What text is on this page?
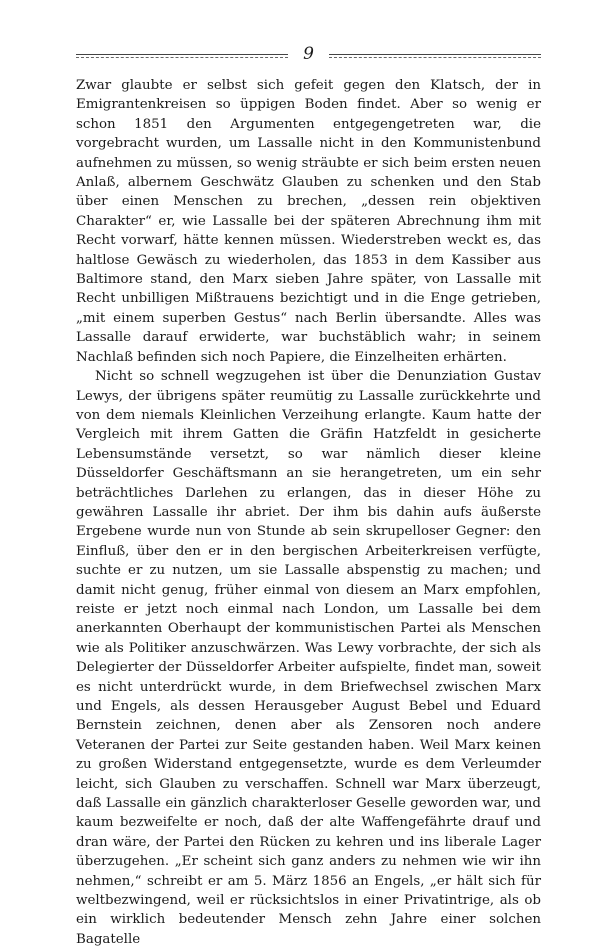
9

Zwar glaubte er selbst sich gefeit gegen den Klatsch, der in Emigrantenkreisen so üppigen Boden findet. Aber so wenig er schon 1851 den Argumenten entgegengetreten war, die vorgebracht wurden, um Lassalle nicht in den Kommunistenbund aufnehmen zu müssen, so wenig sträubte er sich beim ersten neuen Anlaß, albernem Geschwätz Glauben zu schenken und den Stab über einen Menschen zu brechen, „dessen rein objektiven Charakter“ er, wie Lassalle bei der späteren Abrechnung ihm mit Recht vorwarf, hätte kennen müssen. Wiederstreben weckt es, das haltlose Gewäsch zu wiederholen, das 1853 in dem Kassiber aus Baltimore stand, den Marx sieben Jahre später, von Lassalle mit Recht unbilligen Mißtrauens bezichtigt und in die Enge getrieben, „mit einem superben Gestus“ nach Berlin übersandte. Alles was Lassalle darauf erwiderte, war buchstäblich wahr; in seinem Nachlaß befinden sich noch Papiere, die Einzelheiten erhärten.

Nicht so schnell wegzugehen ist über die Denunziation Gustav Lewys, der übrigens später reumütig zu Lassalle zurückkehrte und von dem niemals Kleinlichen Verzeihung erlangte. Kaum hatte der Vergleich mit ihrem Gatten die Gräfin Hatzfeldt in gesicherte Lebensumstände versetzt, so war nämlich dieser kleine Düsseldorfer Geschäftsmann an sie herangetreten, um ein sehr beträchtliches Darlehen zu erlangen, das in dieser Höhe zu gewähren Lassalle ihr abriet. Der ihm bis dahin aufs äußerste Ergebene wurde nun von Stunde ab sein skrupelloser Gegner: den Einfluß, über den er in den bergischen Arbeiterkreisen verfügte, suchte er zu nutzen, um sie Lassalle abspenstig zu machen; und damit nicht genug, früher einmal von diesem an Marx empfohlen, reiste er jetzt noch einmal nach London, um Lassalle bei dem anerkannten Oberhaupt der kommunistischen Partei als Menschen wie als Politiker anzuschwärzen. Was Lewy vorbrachte, der sich als Delegierter der Düsseldorfer Arbeiter aufspielte, findet man, soweit es nicht unterdrückt wurde, in dem Briefwechsel zwischen Marx und Engels, als dessen Herausgeber August Bebel und Eduard Bernstein zeichnen, denen aber als Zensoren noch andere Veteranen der Partei zur Seite gestanden haben. Weil Marx keinen zu großen Widerstand entgegensetzte, wurde es dem Verleumder leicht, sich Glauben zu verschaffen. Schnell war Marx überzeugt, daß Lassalle ein gänzlich charakterloser Geselle geworden war, und kaum bezweifelte er noch, daß der alte Waffengefährte drauf und dran wäre, der Partei den Rücken zu kehren und ins liberale Lager überzugehen. „Er scheint sich ganz anders zu nehmen wie wir ihn nehmen,“ schreibt er am 5. März 1856 an Engels, „er hält sich für weltbezwingend, weil er rücksichtslos in einer Privatintrige, als ob ein wirklich bedeutender Mensch zehn Jahre einer solchen Bagatelle
